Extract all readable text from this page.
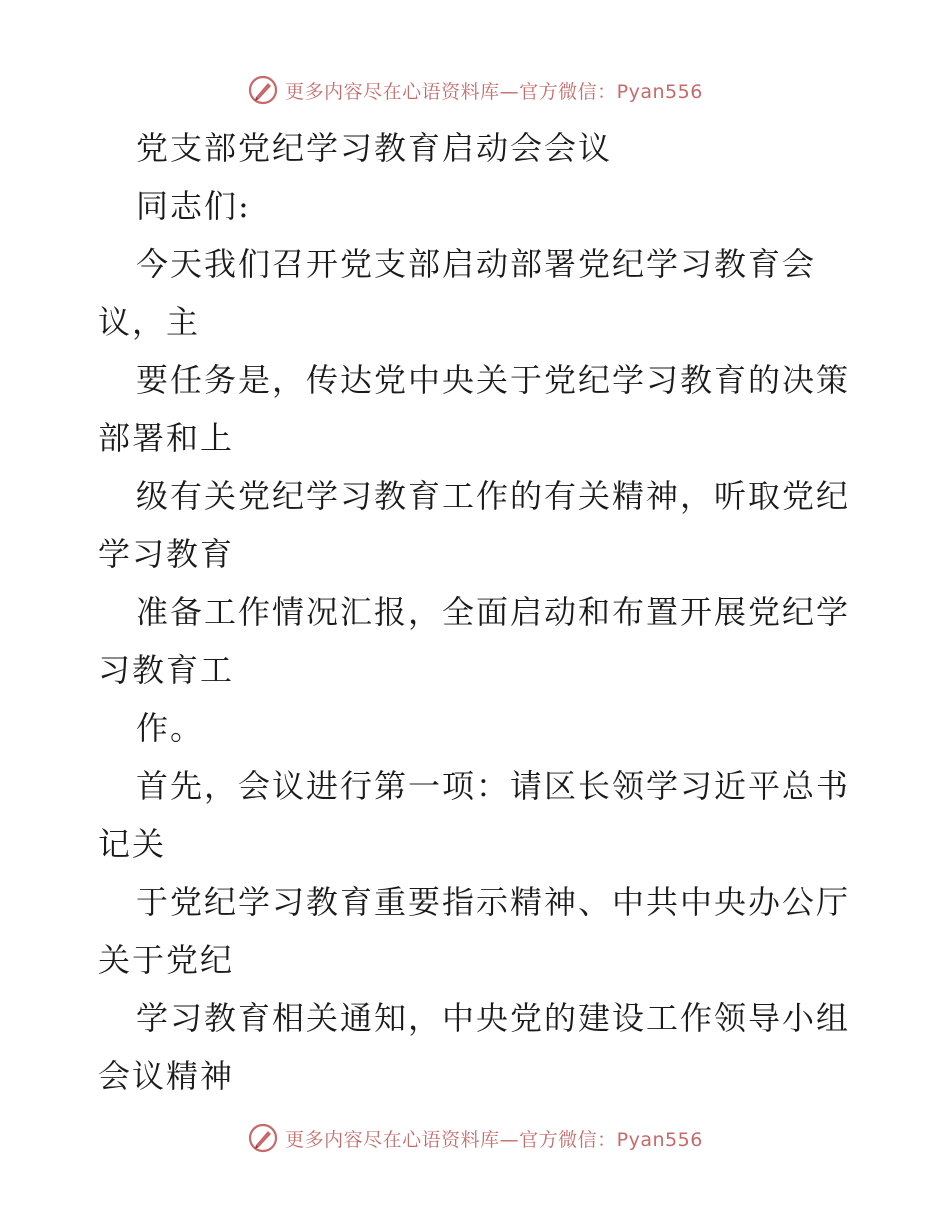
更多内容尽在心语资料库—官方微信：Pyan556
党支部党纪学习教育启动会会议
同志们:
今天我们召开党支部启动部署党纪学习教育会
议，主
要任务是，传达党中央关于党纪学习教育的决策
部署和上
级有关党纪学习教育工作的有关精神，听取党纪
学习教育
准备工作情况汇报，全面启动和布置开展党纪学
习教育工
作。
首先，会议进行第一项：请区长领学习近平总书
记关
于党纪学习教育重要指示精神、中共中央办公厅
关于党纪
学习教育相关通知，中央党的建设工作领导小组
会议精神
更多内容尽在心语资料库—官方微信：Pyan556
